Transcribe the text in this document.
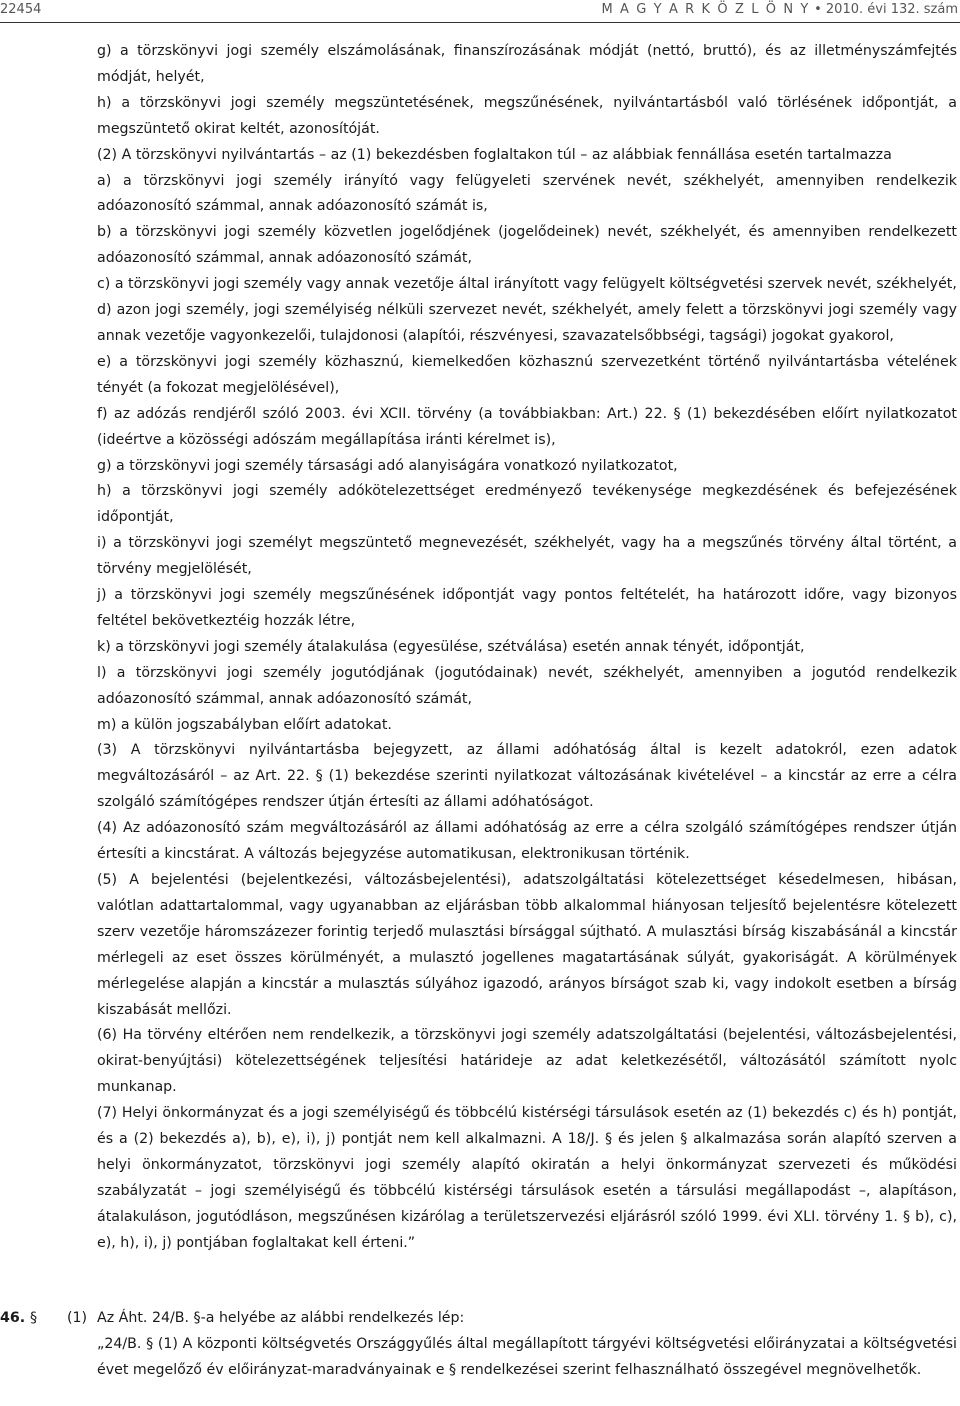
22454	M A G Y A R K Ö Z L Ö N Y • 2010. évi 132. szám

g) a törzskönyvi jogi személy elszámolásának, finanszírozásának módját (nettó, bruttó), és az illetményszámfejtés módját, helyét,

h) a törzskönyvi jogi személy megszüntetésének, megszűnésének, nyilvántartásból való törlésének időpontját, a megszüntető okirat keltét, azonosítóját.

(2) A törzskönyvi nyilvántartás – az (1) bekezdésben foglaltakon túl – az alábbiak fennállása esetén tartalmazza

a) a törzskönyvi jogi személy irányító vagy felügyeleti szervének nevét, székhelyét, amennyiben rendelkezik adóazonosító számmal, annak adóazonosító számát is,

b) a törzskönyvi jogi személy közvetlen jogelődjének (jogelődeinek) nevét, székhelyét, és amennyiben rendelkezett adóazonosító számmal, annak adóazonosító számát,

c) a törzskönyvi jogi személy vagy annak vezetője által irányított vagy felügyelt költségvetési szervek nevét, székhelyét,

d) azon jogi személy, jogi személyiség nélküli szervezet nevét, székhelyét, amely felett a törzskönyvi jogi személy vagy annak vezetője vagyonkezelői, tulajdonosi (alapítói, részvényesi, szavazatelsőbbségi, tagsági) jogokat gyakorol,

e) a törzskönyvi jogi személy közhasznú, kiemelkedően közhasznú szervezetként történő nyilvántartásba vételének tényét (a fokozat megjelölésével),

f) az adózás rendjéről szóló 2003. évi XCII. törvény (a továbbiakban: Art.) 22. § (1) bekezdésében előírt nyilatkozatot (ideértve a közösségi adószám megállapítása iránti kérelmet is),

g) a törzskönyvi jogi személy társasági adó alanyiságára vonatkozó nyilatkozatot,

h) a törzskönyvi jogi személy adókötelezettséget eredményező tevékenysége megkezdésének és befejezésének időpontját,

i) a törzskönyvi jogi személyt megszüntető megnevezését, székhelyét, vagy ha a megszűnés törvény által történt, a törvény megjelölését,

j) a törzskönyvi jogi személy megszűnésének időpontját vagy pontos feltételét, ha határozott időre, vagy bizonyos feltétel bekövetkeztéig hozzák létre,

k) a törzskönyvi jogi személy átalakulása (egyesülése, szétválása) esetén annak tényét, időpontját,

l) a törzskönyvi jogi személy jogutódjának (jogutódainak) nevét, székhelyét, amennyiben a jogutód rendelkezik adóazonosító számmal, annak adóazonosító számát,

m) a külön jogszabályban előírt adatokat.

(3) A törzskönyvi nyilvántartásba bejegyzett, az állami adóhatóság által is kezelt adatokról, ezen adatok megváltozásáról – az Art. 22. § (1) bekezdése szerinti nyilatkozat változásának kivételével – a kincstár az erre a célra szolgáló számítógépes rendszer útján értesíti az állami adóhatóságot.

(4) Az adóazonosító szám megváltozásáról az állami adóhatóság az erre a célra szolgáló számítógépes rendszer útján értesíti a kincstárat. A változás bejegyzése automatikusan, elektronikusan történik.

(5) A bejelentési (bejelentkezési, változásbejelentési), adatszolgáltatási kötelezettséget késedelmesen, hibásan, valótlan adattartalommal, vagy ugyanabban az eljárásban több alkalommal hiányosan teljesítő bejelentésre kötelezett szerv vezetője háromszázezer forintig terjedő mulasztási bírsággal sújtható. A mulasztási bírság kiszabásánál a kincstár mérlegeli az eset összes körülményét, a mulasztó jogellenes magatartásának súlyát, gyakoriságát. A körülmények mérlegelése alapján a kincstár a mulasztás súlyához igazodó, arányos bírságot szab ki, vagy indokolt esetben a bírság kiszabását mellőzi.

(6) Ha törvény eltérően nem rendelkezik, a törzskönyvi jogi személy adatszolgáltatási (bejelentési, változásbejelentési, okirat-benyújtási) kötelezettségének teljesítési határideje az adat keletkezésétől, változásától számított nyolc munkanap.

(7) Helyi önkormányzat és a jogi személyiségű és többcélú kistérségi társulások esetén az (1) bekezdés c) és h) pontját, és a (2) bekezdés a), b), e), i), j) pontját nem kell alkalmazni. A 18/J. § és jelen § alkalmazása során alapító szerven a helyi önkormányzatot, törzskönyvi jogi személy alapító okiratán a helyi önkormányzat szervezeti és működési szabályzatát – jogi személyiségű és többcélú kistérségi társulások esetén a társulási megállapodást –, alapításon, átalakuláson, jogutódláson, megszűnésen kizárólag a területszervezési eljárásról szóló 1999. évi XLI. törvény 1. § b), c), e), h), i), j) pontjában foglaltakat kell érteni.”

46. § (1) Az Áht. 24/B. §-a helyébe az alábbi rendelkezés lép:

„24/B. § (1) A központi költségvetés Országgyűlés által megállapított tárgyévi költségvetési előirányzatai a költségvetési évet megelőző év előirányzat-maradványainak e § rendelkezései szerint felhasználható összegével megnövelhetők.
